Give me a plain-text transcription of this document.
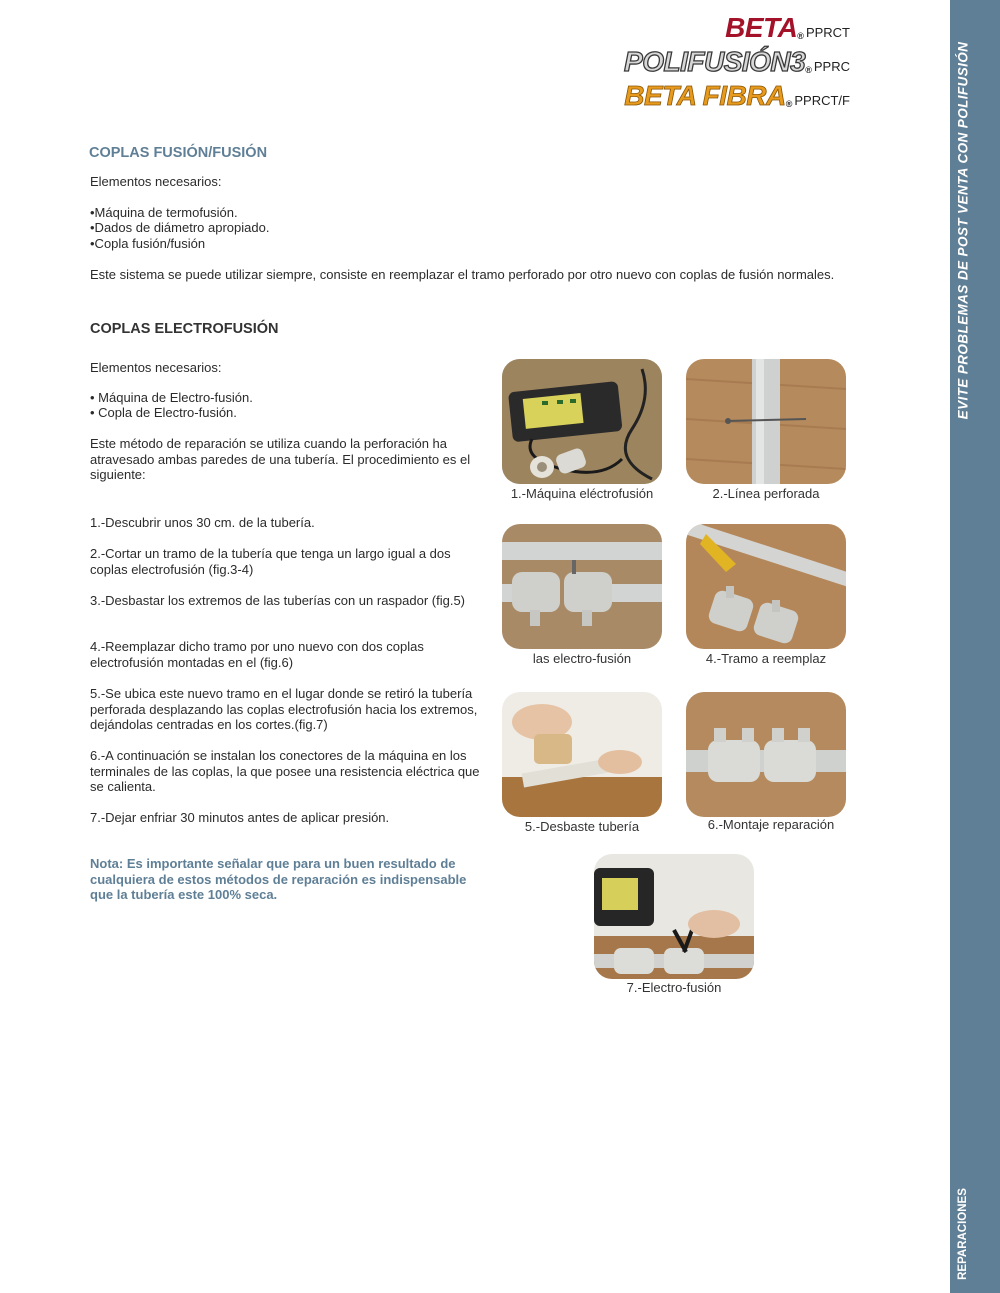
BETA® PPRCT
POLIFUSIÓN3® PPRC
BETA FIBRA® PPRCT/F	EVITE PROBLEMAS DE POST VENTA CON POLIFUSIÓN
REPARACIONES
COPLAS FUSIÓN/FUSIÓN

Elementos necesarios:

•Máquina de termofusión.

•Dados de diámetro apropiado.

•Copla fusión/fusión

Este sistema se puede utilizar siempre, consiste en reemplazar el tramo perforado por otro nuevo con coplas de fusión normales.

COPLAS ELECTROFUSIÓN

Elementos necesarios:

• Máquina de Electro-fusión.

• Copla de Electro-fusión.

Este método de reparación se utiliza cuando la perforación ha atravesado ambas paredes de una tubería. El procedimiento es el siguiente:

1.-Descubrir unos 30 cm. de la tubería.

2.-Cortar un tramo de la tubería que tenga un largo igual a dos coplas electrofusión (fig.3-4)

3.-Desbastar los extremos de las tuberías con un raspador (fig.5)

4.-Reemplazar dicho tramo por uno nuevo con dos coplas electrofusión montadas en el (fig.6)

5.-Se ubica este nuevo tramo en el lugar donde se retiró la tubería perforada desplazando las coplas electrofusión hacia los extremos, dejándolas centradas en los cortes.(fig.7)

6.-A continuación se instalan los conectores de la máquina en los terminales de las coplas, la que posee una resistencia eléctrica que se calienta.

7.-Dejar enfriar 30 minutos antes de aplicar presión.

Nota: Es importante señalar que para un buen resultado de cualquiera de estos métodos de reparación es indispensable que la tubería este 100% seca.
1.-Máquina eléctrofusión	2.-Línea perforada
las electro-fusión	4.-Tramo a reemplaz
5.-Desbaste tubería	6.-Montaje reparación
7.-Electro-fusión
